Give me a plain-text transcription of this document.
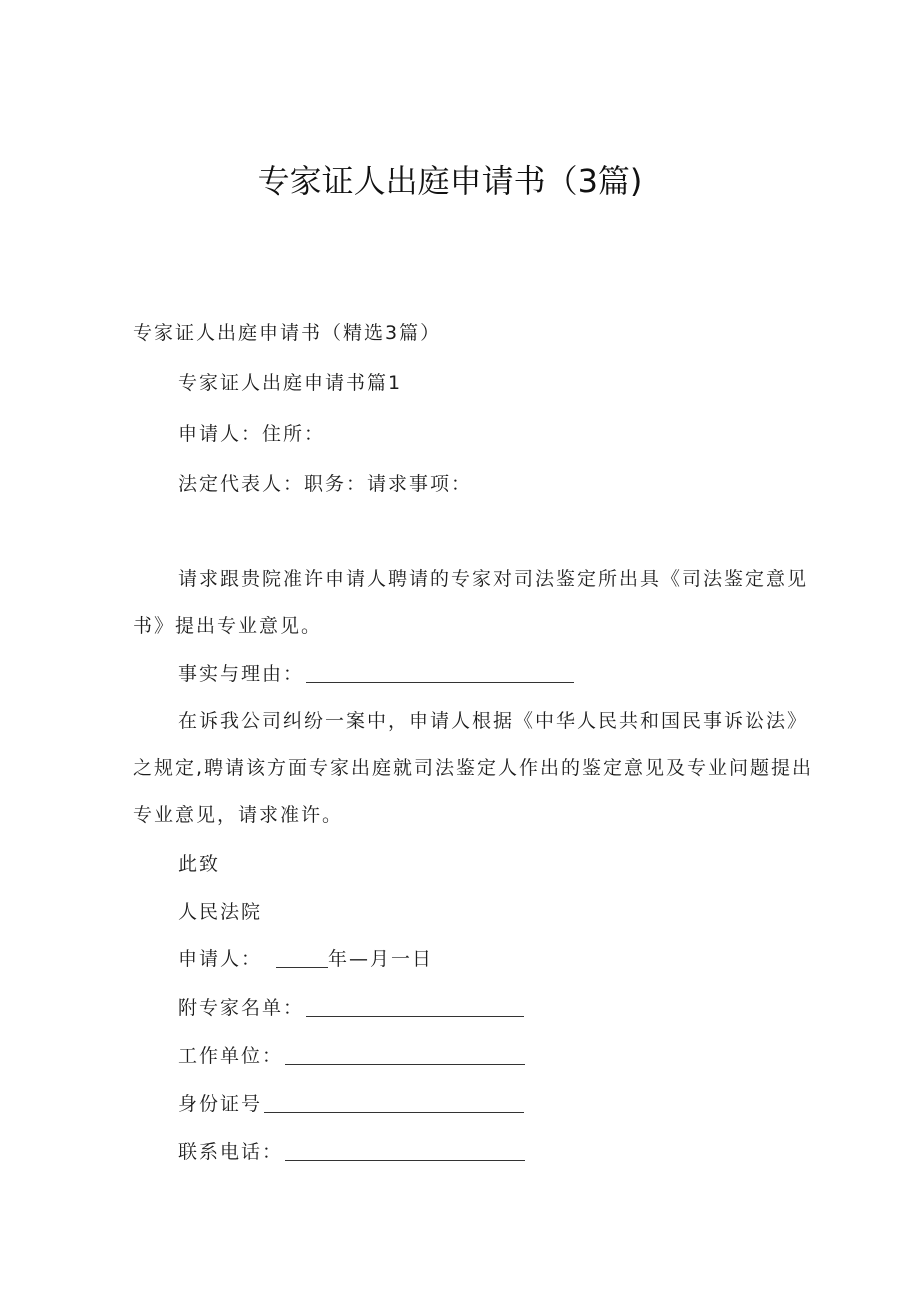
专家证人出庭申请书（3篇)
专家证人出庭申请书（精选3篇）
专家证人出庭申请书篇1
申请人：住所：
法定代表人：职务：请求事项：
请求跟贵院准许申请人聘请的专家对司法鉴定所出具《司法鉴定意见
书》提出专业意见。
事实与理由：
在诉我公司纠纷一案中，申请人根据《中华人民共和国民事诉讼法》
之规定,聘请该方面专家出庭就司法鉴定人作出的鉴定意见及专业问题提出
专业意见，请求准许。
此致
人民法院
申请人：	年—月一日
附专家名单：
工作单位：
身份证号
联系电话：
